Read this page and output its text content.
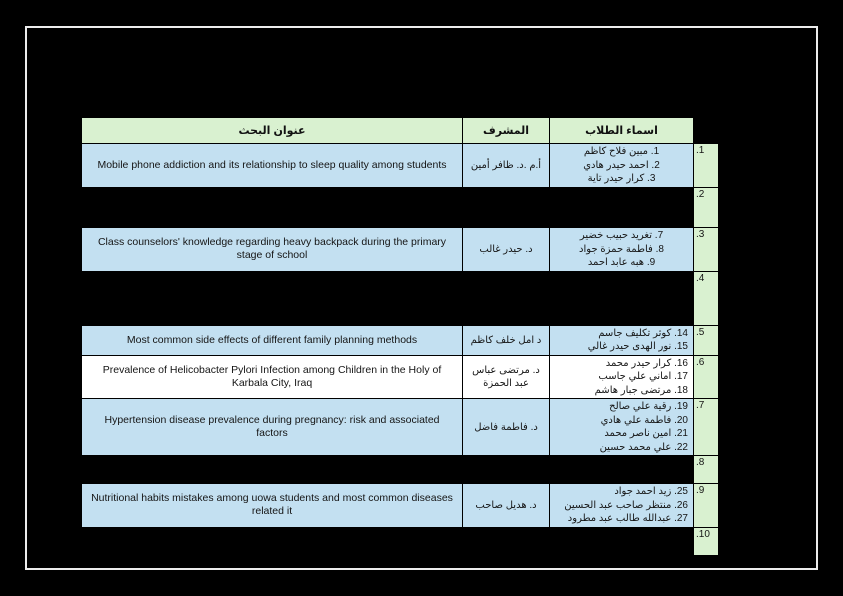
عنوان البحث	المشرف	اسماء الطلاب	
Mobile phone addiction and its relationship to sleep quality among students	أ.م .د. ظافر أمين	1. مبين فلاح كاظم
2. احمد حيدر هادي
3. كرار حيدر تاية	.1
			.2
Class counselors' knowledge regarding heavy backpack during the primary stage of school	د. حيدر غالب	7. تغريد حبيب خضير
8. فاطمة حمزة جواد
9. هبه عابد احمد	.3
			.4
Most common side effects of different family planning methods	د امل خلف كاظم	14. كوثر تكليف جاسم
15. نور الهدى حيدر غالي	.5
Prevalence of Helicobacter Pylori Infection among Children in the Holy of Karbala City, Iraq	د. مرتضى عباس عبد الحمزة	16. كرار حيدر محمد
17. اماني علي جاسب
18. مرتضى جبار هاشم	.6
Hypertension disease prevalence during pregnancy: risk and associated factors	د. فاطمة فاضل	19. رقية علي صالح
20. فاطمة علي هادي
21. امين ناصر محمد
22. علي محمد حسين	.7
			.8
Nutritional habits mistakes among uowa students and most common diseases related it	د. هديل صاحب	25. زيد احمد جواد
26. منتظر صاحب عبد الحسين
27. عبدالله طالب عبد مطرود	.9
			.10
